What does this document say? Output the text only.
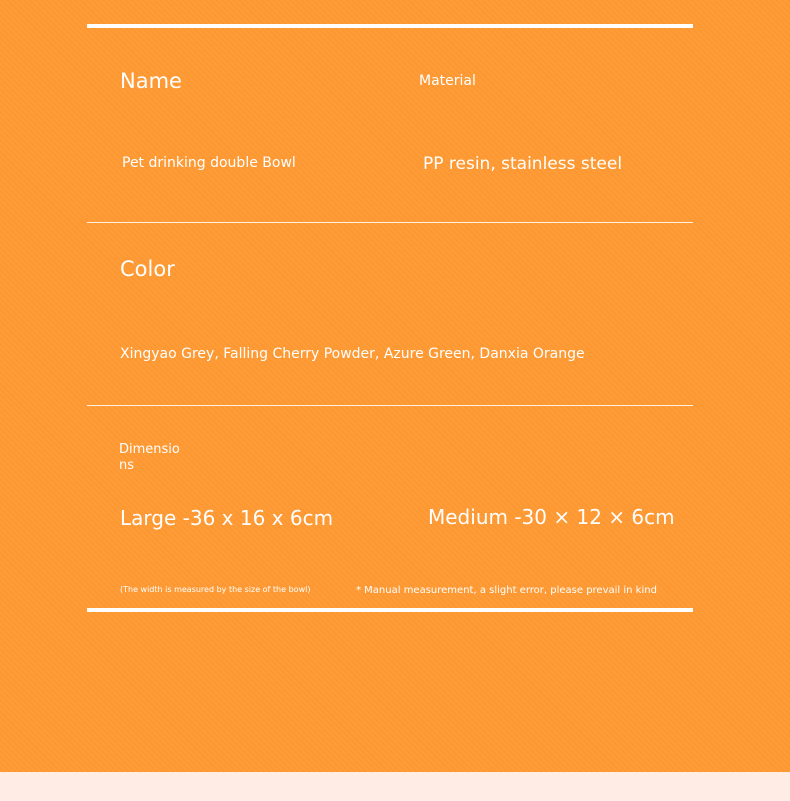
Name	Material
Pet drinking double Bowl	PP resin, stainless steel
Color
Xingyao Grey, Falling Cherry Powder, Azure Green, Danxia Orange
Dimensions
Large -36 x 16 x 6cm	Medium -30 × 12 × 6cm
(The width is measured by the size of the bowl)	* Manual measurement, a slight error, please prevail in kind
